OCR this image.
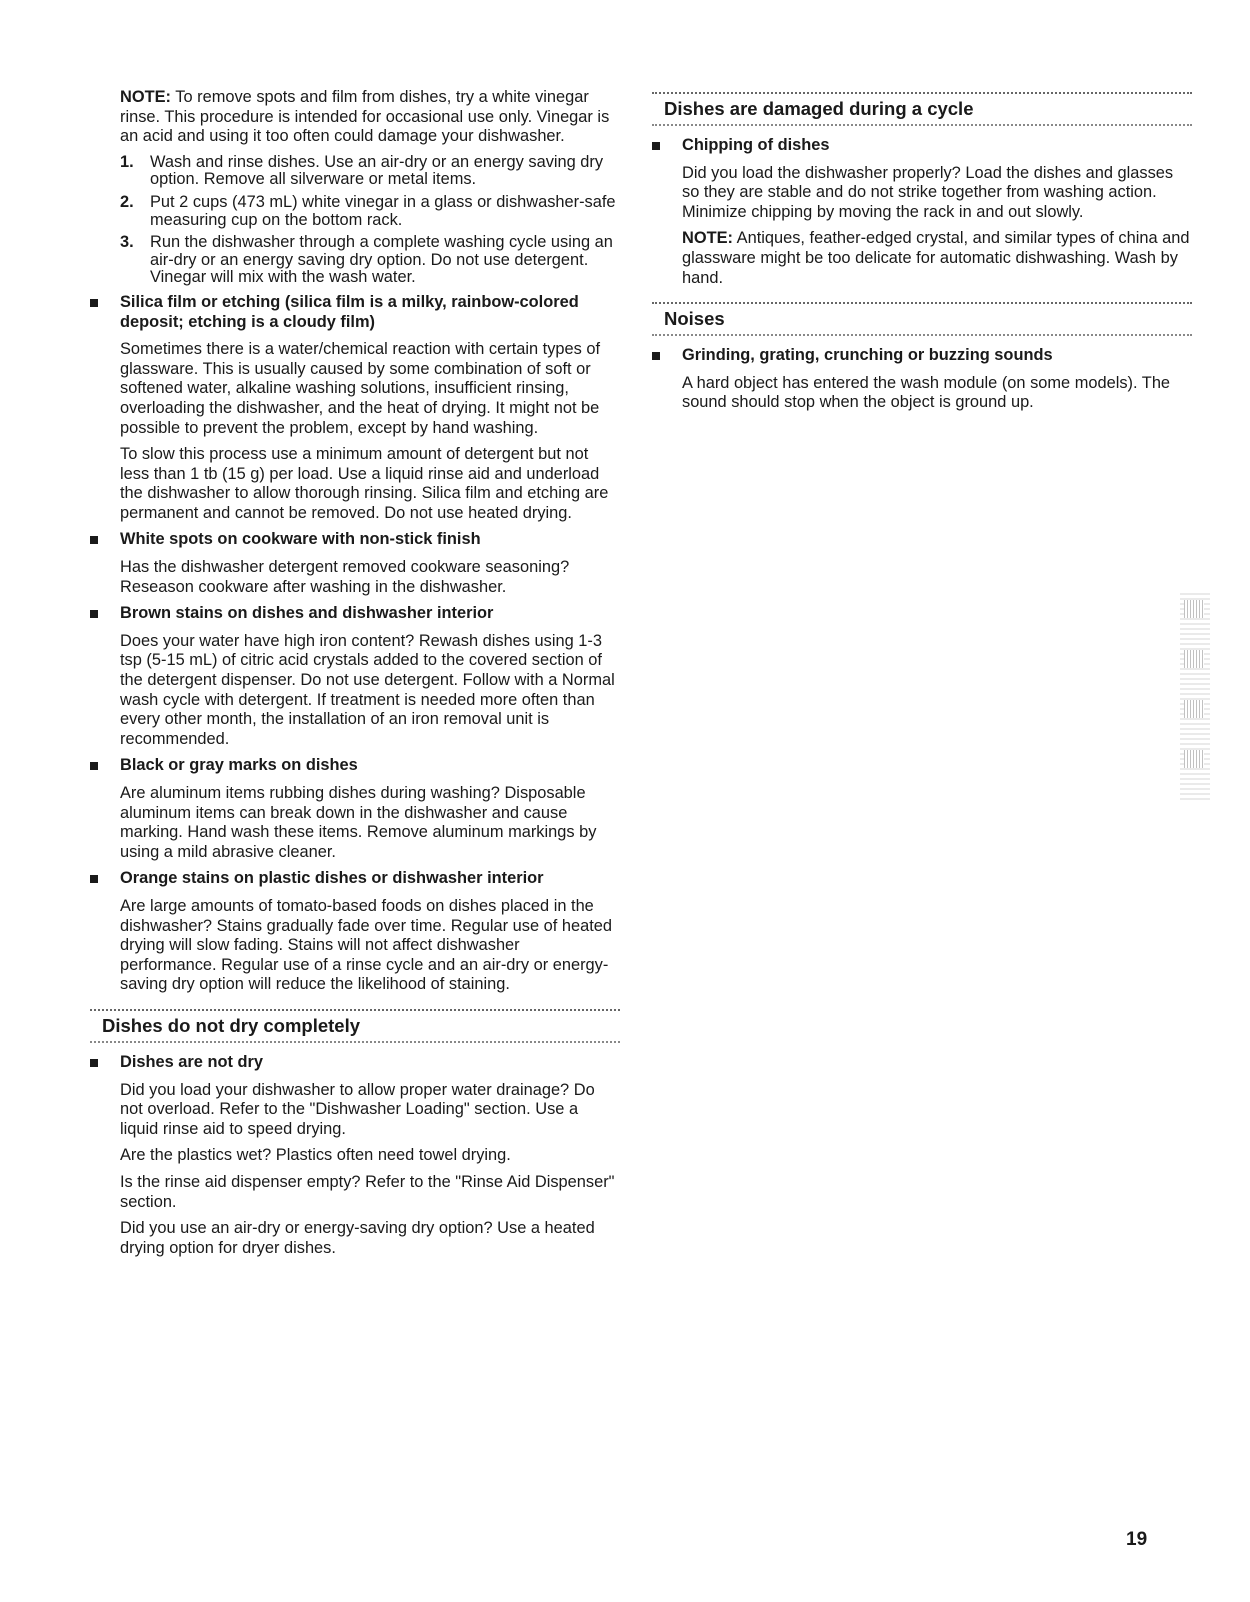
NOTE: To remove spots and film from dishes, try a white vinegar rinse. This procedure is intended for occasional use only. Vinegar is an acid and using it too often could damage your dishwasher.

1. Wash and rinse dishes. Use an air-dry or an energy saving dry option. Remove all silverware or metal items.
2. Put 2 cups (473 mL) white vinegar in a glass or dishwasher-safe measuring cup on the bottom rack.
3. Run the dishwasher through a complete washing cycle using an air-dry or an energy saving dry option. Do not use detergent. Vinegar will mix with the wash water.
Silica film or etching (silica film is a milky, rainbow-colored deposit; etching is a cloudy film)

Sometimes there is a water/chemical reaction with certain types of glassware. This is usually caused by some combination of soft or softened water, alkaline washing solutions, insufficient rinsing, overloading the dishwasher, and the heat of drying. It might not be possible to prevent the problem, except by hand washing.

To slow this process use a minimum amount of detergent but not less than 1 tb (15 g) per load. Use a liquid rinse aid and underload the dishwasher to allow thorough rinsing. Silica film and etching are permanent and cannot be removed. Do not use heated drying.

White spots on cookware with non-stick finish

Has the dishwasher detergent removed cookware seasoning? Reseason cookware after washing in the dishwasher.

Brown stains on dishes and dishwasher interior

Does your water have high iron content? Rewash dishes using 1-3 tsp (5-15 mL) of citric acid crystals added to the covered section of the detergent dispenser. Do not use detergent. Follow with a Normal wash cycle with detergent. If treatment is needed more often than every other month, the installation of an iron removal unit is recommended.

Black or gray marks on dishes

Are aluminum items rubbing dishes during washing? Disposable aluminum items can break down in the dishwasher and cause marking. Hand wash these items. Remove aluminum markings by using a mild abrasive cleaner.

Orange stains on plastic dishes or dishwasher interior

Are large amounts of tomato-based foods on dishes placed in the dishwasher? Stains gradually fade over time. Regular use of heated drying will slow fading. Stains will not affect dishwasher performance. Regular use of a rinse cycle and an air-dry or energy-saving dry option will reduce the likelihood of staining.

Dishes do not dry completely
Dishes are not dry

Did you load your dishwasher to allow proper water drainage? Do not overload. Refer to the "Dishwasher Loading" section. Use a liquid rinse aid to speed drying.

Are the plastics wet? Plastics often need towel drying.

Is the rinse aid dispenser empty? Refer to the "Rinse Aid Dispenser" section.

Did you use an air-dry or energy-saving dry option? Use a heated drying option for dryer dishes.

Dishes are damaged during a cycle
Chipping of dishes

Did you load the dishwasher properly? Load the dishes and glasses so they are stable and do not strike together from washing action. Minimize chipping by moving the rack in and out slowly.

NOTE: Antiques, feather-edged crystal, and similar types of china and glassware might be too delicate for automatic dishwashing. Wash by hand.

Noises
Grinding, grating, crunching or buzzing sounds

A hard object has entered the wash module (on some models). The sound should stop when the object is ground up.

19
